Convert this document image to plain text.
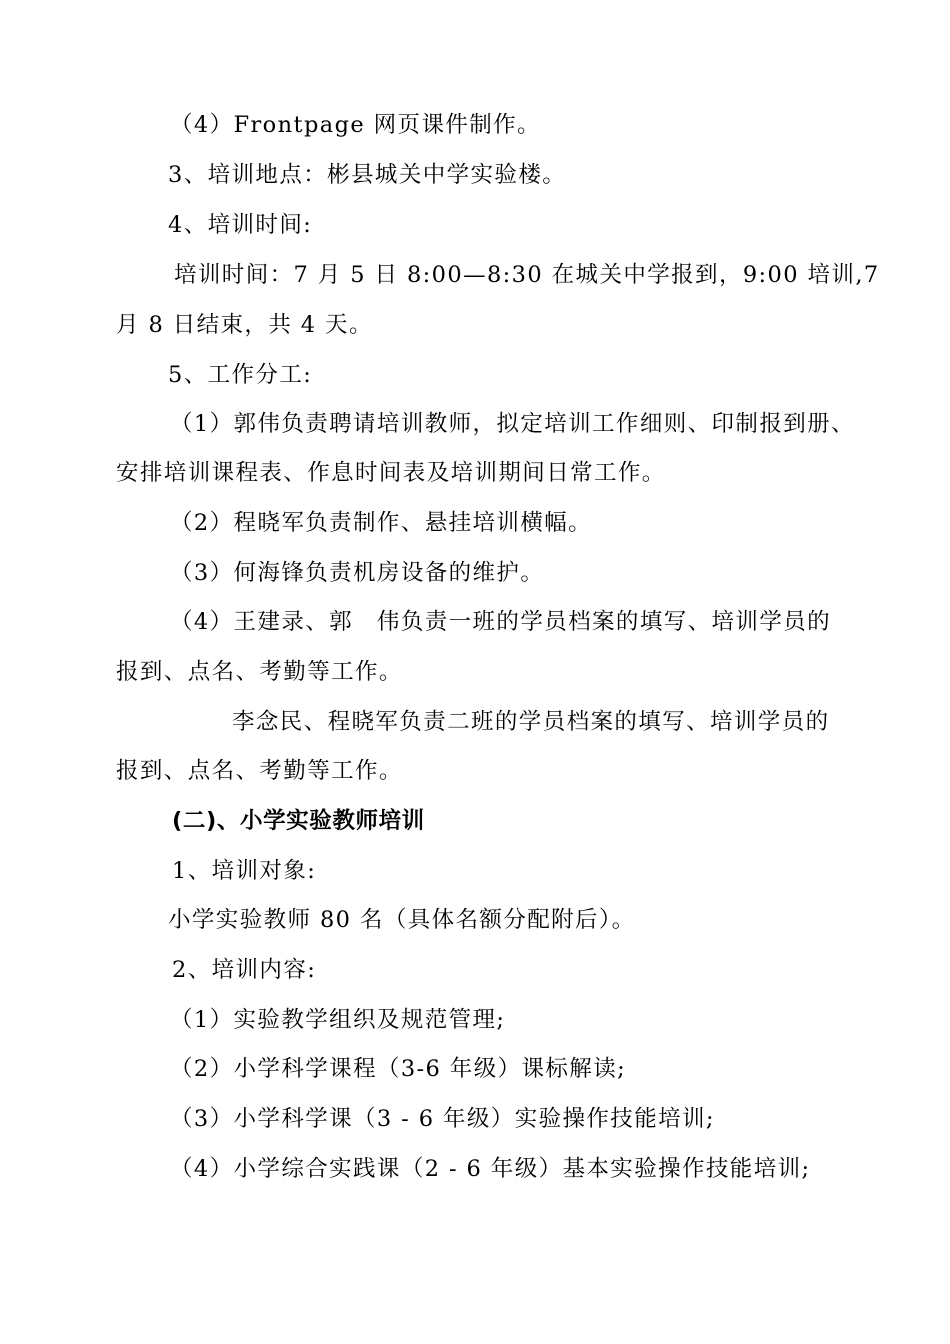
（4）Frontpage 网页课件制作。
3、培训地点：彬县城关中学实验楼。
4、培训时间:
培训时间：7 月 5 日 8:00—8:30 在城关中学报到，9:00 培训,7
月 8 日结束，共 4 天。
5、工作分工:
（1）郭伟负责聘请培训教师，拟定培训工作细则、印制报到册、
安排培训课程表、作息时间表及培训期间日常工作。
（2）程晓军负责制作、悬挂培训横幅。
（3）何海锋负责机房设备的维护。
（4）王建录、郭　伟负责一班的学员档案的填写、培训学员的
报到、点名、考勤等工作。
李念民、程晓军负责二班的学员档案的填写、培训学员的
报到、点名、考勤等工作。
(二)、小学实验教师培训
1、培训对象:
小学实验教师 80 名（具体名额分配附后）。
2、培训内容:
（1）实验教学组织及规范管理;
（2）小学科学课程（3-6 年级）课标解读;
（3）小学科学课（3 - 6 年级）实验操作技能培训;
（4）小学综合实践课（2 - 6 年级）基本实验操作技能培训;
